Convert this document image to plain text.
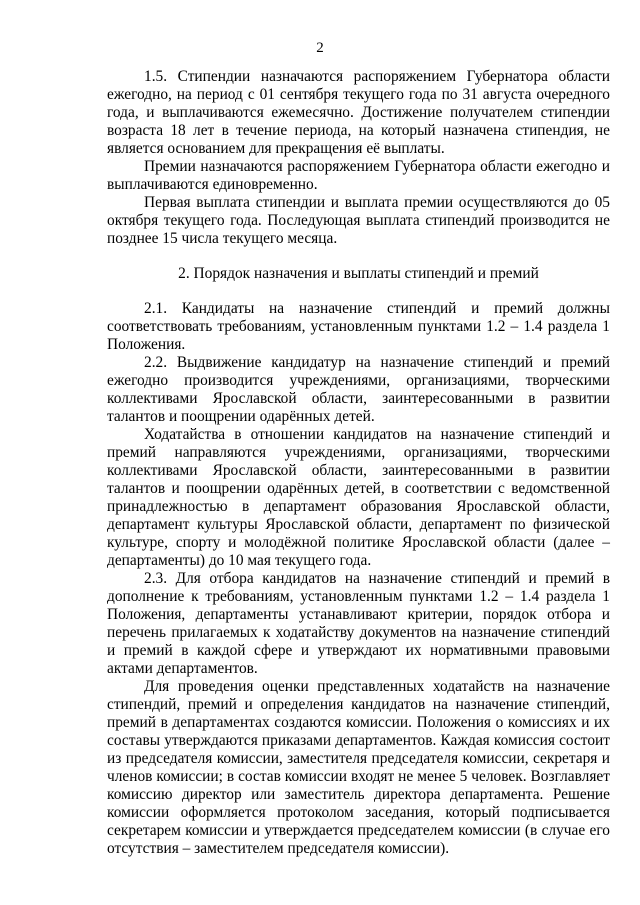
2

1.5. Стипендии назначаются распоряжением Губернатора области ежегодно, на период с 01 сентября текущего года по 31 августа очередного года, и выплачиваются ежемесячно. Достижение получателем стипендии возраста 18 лет в течение периода, на который назначена стипендия, не является основанием для прекращения её выплаты.

Премии назначаются распоряжением Губернатора области ежегодно и выплачиваются единовременно.

Первая выплата стипендии и выплата премии осуществляются до 05 октября текущего года. Последующая выплата стипендий производится не позднее 15 числа текущего месяца.

2. Порядок назначения и выплаты стипендий и премий

2.1. Кандидаты на назначение стипендий и премий должны соответствовать требованиям, установленным пунктами 1.2 – 1.4 раздела 1 Положения.

2.2. Выдвижение кандидатур на назначение стипендий и премий ежегодно производится учреждениями, организациями, творческими коллективами Ярославской области, заинтересованными в развитии талантов и поощрении одарённых детей.

Ходатайства в отношении кандидатов на назначение стипендий и премий направляются учреждениями, организациями, творческими коллективами Ярославской области, заинтересованными в развитии талантов и поощрении одарённых детей, в соответствии с ведомственной принадлежностью в департамент образования Ярославской области, департамент культуры Ярославской области, департамент по физической культуре, спорту и молодёжной политике Ярославской области (далее – департаменты) до 10 мая текущего года.

2.3. Для отбора кандидатов на назначение стипендий и премий в дополнение к требованиям, установленным пунктами 1.2 – 1.4 раздела 1 Положения, департаменты устанавливают критерии, порядок отбора и перечень прилагаемых к ходатайству документов на назначение стипендий и премий в каждой сфере и утверждают их нормативными правовыми актами департаментов.

Для проведения оценки представленных ходатайств на назначение стипендий, премий и определения кандидатов на назначение стипендий, премий в департаментах создаются комиссии. Положения о комиссиях и их составы утверждаются приказами департаментов. Каждая комиссия состоит из председателя комиссии, заместителя председателя комиссии, секретаря и членов комиссии; в состав комиссии входят не менее 5 человек. Возглавляет комиссию директор или заместитель директора департамента. Решение комиссии оформляется протоколом заседания, который подписывается секретарем комиссии и утверждается председателем комиссии (в случае его отсутствия – заместителем председателя комиссии).
